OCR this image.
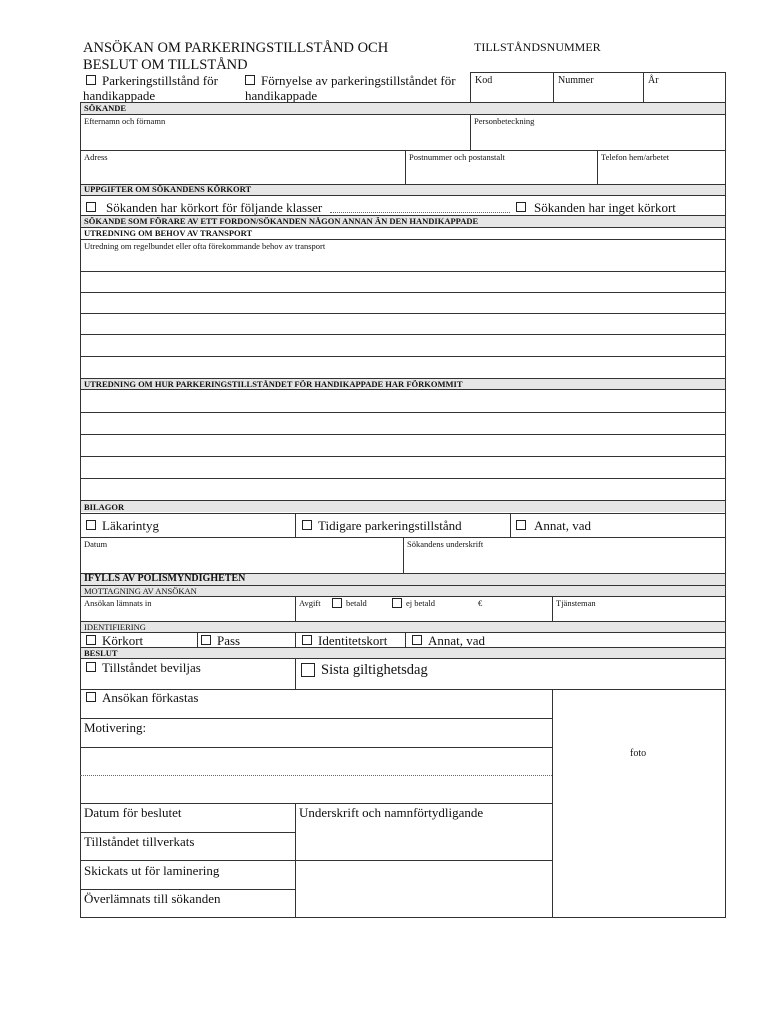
ANSÖKAN OM PARKERINGSTILLSTÅND OCH
BESLUT OM TILLSTÅND
TILLSTÅNDSNUMMER
Kod	Nummer	År
Parkeringstillstånd för
handikappade
Förnyelse av parkeringstillståndet för
handikappade
SÖKANDE
Efternamn och förnamn	Personbeteckning
Adress	Postnummer och postanstalt	Telefon hem/arbetet
UPPGIFTER OM SÖKANDENS KÖRKORT
Sökanden har körkort för följande klasser	Sökanden har inget körkort
SÖKANDE SOM FÖRARE AV ETT FORDON/SÖKANDEN NÅGON ANNAN ÄN DEN HANDIKAPPADE
UTREDNING OM BEHOV AV TRANSPORT
Utredning om regelbundet eller ofta förekommande behov av transport
UTREDNING OM HUR PARKERINGSTILLSTÅNDET FÖR HANDIKAPPADE HAR FÖRKOMMIT
BILAGOR
Läkarintyg	Tidigare parkeringstillstånd	Annat, vad
Datum	Sökandens underskrift
IFYLLS AV POLISMYNDIGHETEN
MOTTAGNING AV ANSÖKAN
Ansökan lämnats in	Avgift	betald	ej betald	€	Tjänsteman
IDENTIFIERING
Körkort	Pass	Identitetskort	Annat, vad
BESLUT
Tillståndet beviljas	Sista giltighetsdag
foto
Ansökan förkastas
Motivering:
Datum för beslutet	Underskrift och namnförtydligande
Tillståndet tillverkats
Skickats ut för laminering
Överlämnats till sökanden
